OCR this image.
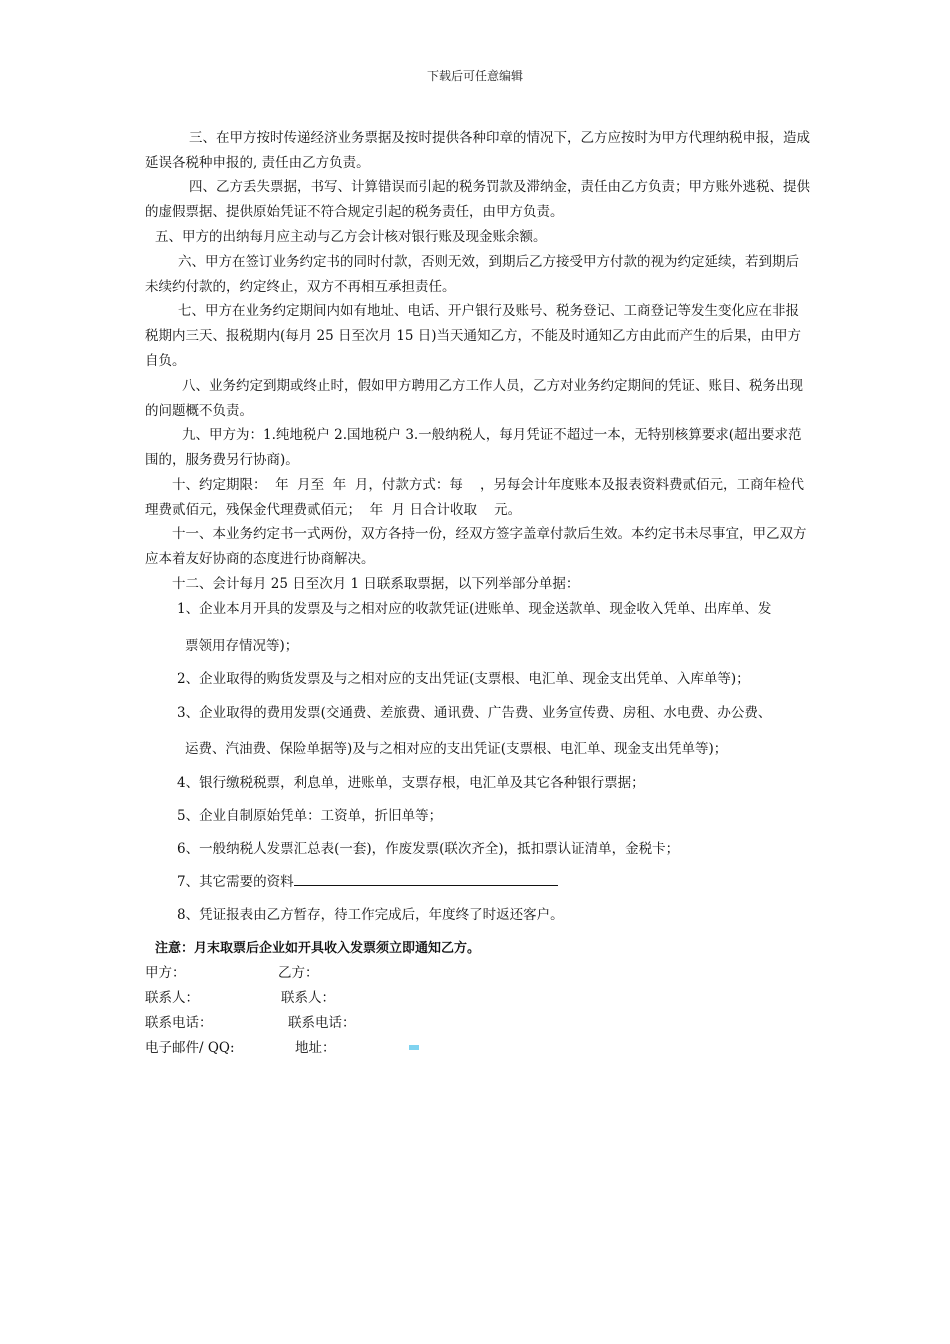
下载后可任意编辑

三、在甲方按时传递经济业务票据及按时提供各种印章的情况下，乙方应按时为甲方代理纳税申报，造成延误各税种申报的, 责任由乙方负责。

四、乙方丢失票据，书写、计算错误而引起的税务罚款及滞纳金，责任由乙方负责；甲方账外逃税、提供的虚假票据、提供原始凭证不符合规定引起的税务责任，由甲方负责。

五、甲方的出纳每月应主动与乙方会计核对银行账及现金账余额。

六、甲方在签订业务约定书的同时付款，否则无效，到期后乙方接受甲方付款的视为约定延续，若到期后未续约付款的，约定终止，双方不再相互承担责任。

七、甲方在业务约定期间内如有地址、电话、开户银行及账号、税务登记、工商登记等发生变化应在非报税期内三天、报税期内(每月 25 日至次月 15 日)当天通知乙方，不能及时通知乙方由此而产生的后果，由甲方自负。

八、业务约定到期或终止时，假如甲方聘用乙方工作人员，乙方对业务约定期间的凭证、账目、税务出现的问题概不负责。

九、甲方为：1.纯地税户 2.国地税户 3.一般纳税人，每月凭证不超过一本，无特别核算要求(超出要求范围的，服务费另行协商)。

十、约定期限：  年  月至  年  月，付款方式：每    ，另每会计年度账本及报表资料费贰佰元，工商年检代理费贰佰元，残保金代理费贰佰元；  年  月 日合计收取    元。

十一、本业务约定书一式两份，双方各持一份，经双方签字盖章付款后生效。本约定书未尽事宜，甲乙双方应本着友好协商的态度进行协商解决。

十二、会计每月 25 日至次月 1 日联系取票据，以下列举部分单据：

1、企业本月开具的发票及与之相对应的收款凭证(进账单、现金送款单、现金收入凭单、出库单、发

票领用存情况等)；

2、企业取得的购货发票及与之相对应的支出凭证(支票根、电汇单、现金支出凭单、入库单等)；

3、企业取得的费用发票(交通费、差旅费、通讯费、广告费、业务宣传费、房租、水电费、办公费、

运费、汽油费、保险单据等)及与之相对应的支出凭证(支票根、电汇单、现金支出凭单等)；

4、银行缴税税票，利息单，进账单，支票存根，电汇单及其它各种银行票据；

5、企业自制原始凭单：工资单，折旧单等；

6、一般纳税人发票汇总表(一套)，作废发票(联次齐全)，抵扣票认证清单，金税卡；

7、其它需要的资料

8、凭证报表由乙方暂存，待工作完成后，年度终了时返还客户。

注意：月末取票后企业如开具收入发票须立即通知乙方。

甲方：	乙方：

联系人：	联系人：

联系电话：	联系电话：

电子邮件/ QQ:	地址：
